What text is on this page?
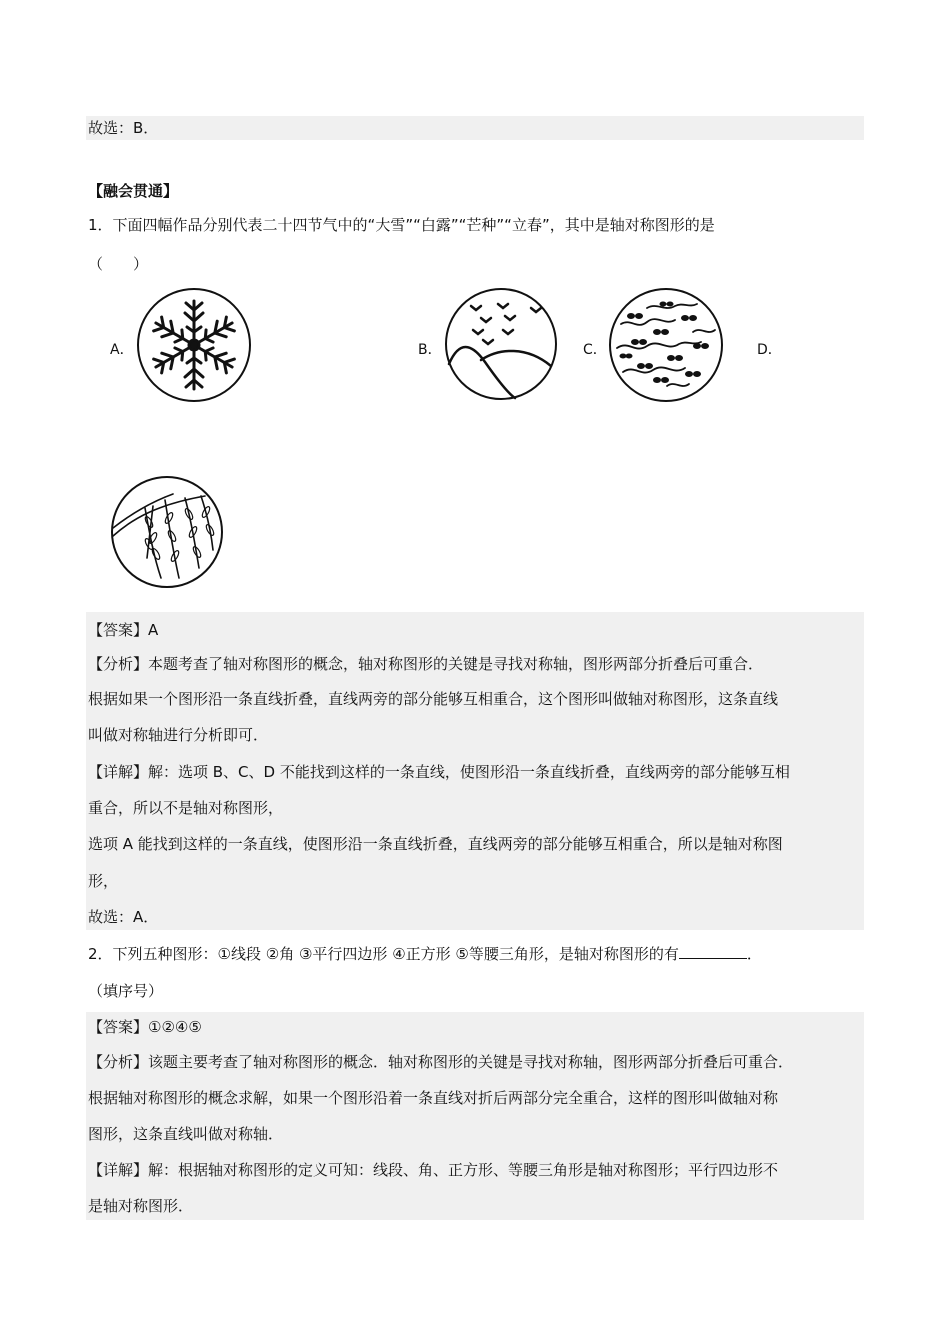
故选：B．
【融会贯通】
1．下面四幅作品分别代表二十四节气中的“大雪”“白露”“芒种”“立春”，其中是轴对称图形的是
（　　）
A．	B．	C．	D．
【答案】A
【分析】本题考查了轴对称图形的概念，轴对称图形的关键是寻找对称轴，图形两部分折叠后可重合．
根据如果一个图形沿一条直线折叠，直线两旁的部分能够互相重合，这个图形叫做轴对称图形，这条直线
叫做对称轴进行分析即可．
【详解】解：选项 B、C、D 不能找到这样的一条直线，使图形沿一条直线折叠，直线两旁的部分能够互相
重合，所以不是轴对称图形，
选项 A 能找到这样的一条直线，使图形沿一条直线折叠，直线两旁的部分能够互相重合，所以是轴对称图
形，
故选：A．
2．下列五种图形：①线段 ②角 ③平行四边形 ④正方形 ⑤等腰三角形，是轴对称图形的有	．
（填序号）
【答案】①②④⑤
【分析】该题主要考查了轴对称图形的概念．轴对称图形的关键是寻找对称轴，图形两部分折叠后可重合．
根据轴对称图形的概念求解，如果一个图形沿着一条直线对折后两部分完全重合，这样的图形叫做轴对称
图形，这条直线叫做对称轴．
【详解】解：根据轴对称图形的定义可知：线段、角、正方形、等腰三角形是轴对称图形；平行四边形不
是轴对称图形．
